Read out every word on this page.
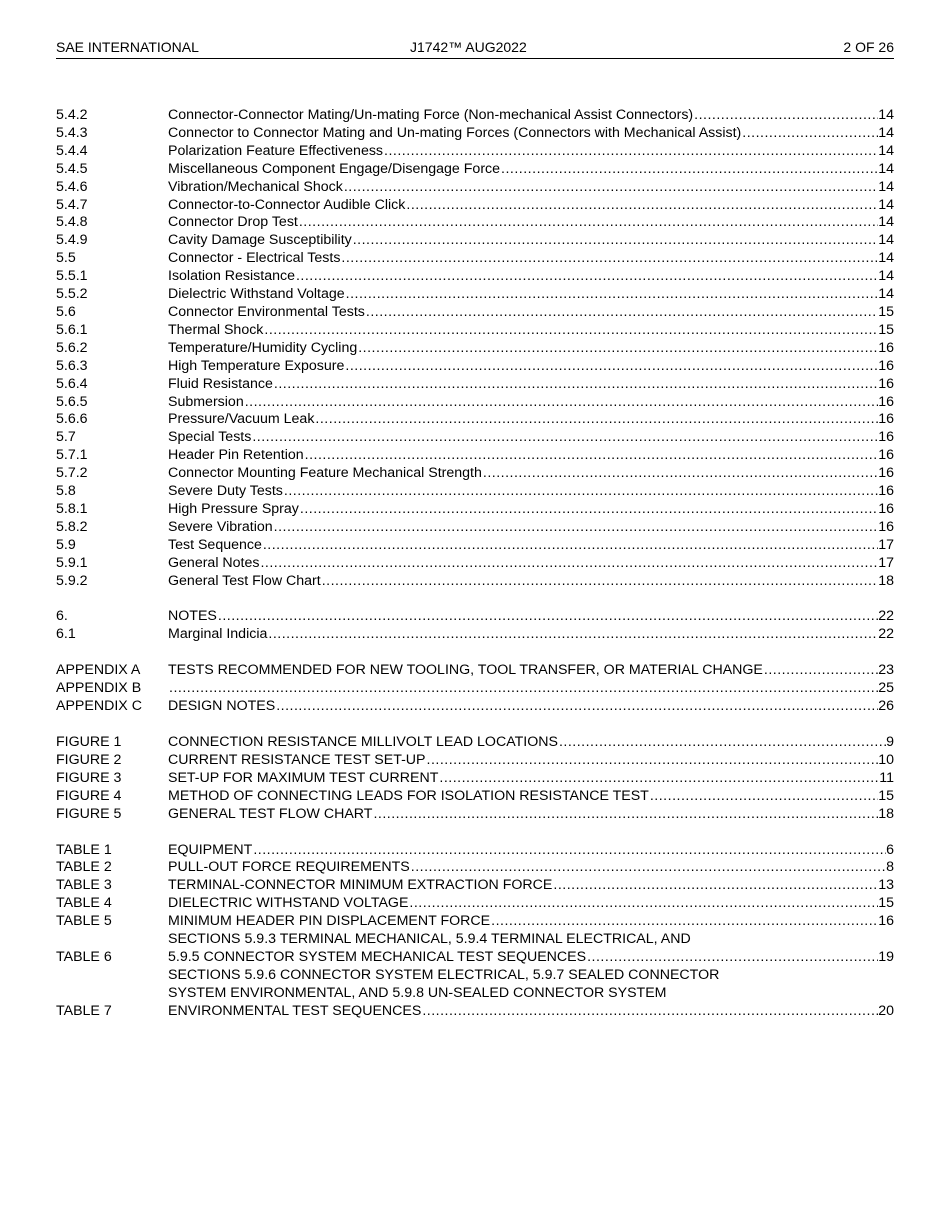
SAE INTERNATIONAL	J1742™ AUG2022	2 OF 26
5.4.2	Connector-Connector Mating/Un-mating Force (Non-mechanical Assist Connectors) .....	14
5.4.3	Connector to Connector Mating and Un-mating Forces (Connectors with Mechanical Assist) .....	14
5.4.4	Polarization Feature Effectiveness .....	14
5.4.5	Miscellaneous Component Engage/Disengage Force .....	14
5.4.6	Vibration/Mechanical Shock .....	14
5.4.7	Connector-to-Connector Audible Click .....	14
5.4.8	Connector Drop Test .....	14
5.4.9	Cavity Damage Susceptibility .....	14
5.5	Connector - Electrical Tests .....	14
5.5.1	Isolation Resistance .....	14
5.5.2	Dielectric Withstand Voltage .....	14
5.6	Connector Environmental Tests .....	15
5.6.1	Thermal Shock .....	15
5.6.2	Temperature/Humidity Cycling .....	16
5.6.3	High Temperature Exposure .....	16
5.6.4	Fluid Resistance .....	16
5.6.5	Submersion .....	16
5.6.6	Pressure/Vacuum Leak .....	16
5.7	Special Tests .....	16
5.7.1	Header Pin Retention .....	16
5.7.2	Connector Mounting Feature Mechanical Strength .....	16
5.8	Severe Duty Tests .....	16
5.8.1	High Pressure Spray .....	16
5.8.2	Severe Vibration .....	16
5.9	Test Sequence .....	17
5.9.1	General Notes .....	17
5.9.2	General Test Flow Chart .....	18
6.	NOTES .....	22
6.1	Marginal Indicia .....	22
APPENDIX A	TESTS RECOMMENDED FOR NEW TOOLING, TOOL TRANSFER, OR MATERIAL CHANGE .....	23
APPENDIX B .....	25
APPENDIX C	DESIGN NOTES .....	26
FIGURE 1	CONNECTION RESISTANCE MILLIVOLT LEAD LOCATIONS .....	9
FIGURE 2	CURRENT RESISTANCE TEST SET-UP .....	10
FIGURE 3	SET-UP FOR MAXIMUM TEST CURRENT .....	11
FIGURE 4	METHOD OF CONNECTING LEADS FOR ISOLATION RESISTANCE TEST .....	15
FIGURE 5	GENERAL TEST FLOW CHART .....	18
TABLE 1	EQUIPMENT .....	6
TABLE 2	PULL-OUT FORCE REQUIREMENTS .....	8
TABLE 3	TERMINAL-CONNECTOR MINIMUM EXTRACTION FORCE .....	13
TABLE 4	DIELECTRIC WITHSTAND VOLTAGE .....	15
TABLE 5	MINIMUM HEADER PIN DISPLACEMENT FORCE .....	16
TABLE 6
SECTIONS 5.9.3 TERMINAL MECHANICAL, 5.9.4 TERMINAL ELECTRICAL, AND
5.9.5 CONNECTOR SYSTEM MECHANICAL TEST SEQUENCES .....	19
TABLE 7
SECTIONS 5.9.6 CONNECTOR SYSTEM ELECTRICAL, 5.9.7 SEALED CONNECTOR
SYSTEM ENVIRONMENTAL, AND 5.9.8 UN-SEALED CONNECTOR SYSTEM
ENVIRONMENTAL TEST SEQUENCES .....	20
